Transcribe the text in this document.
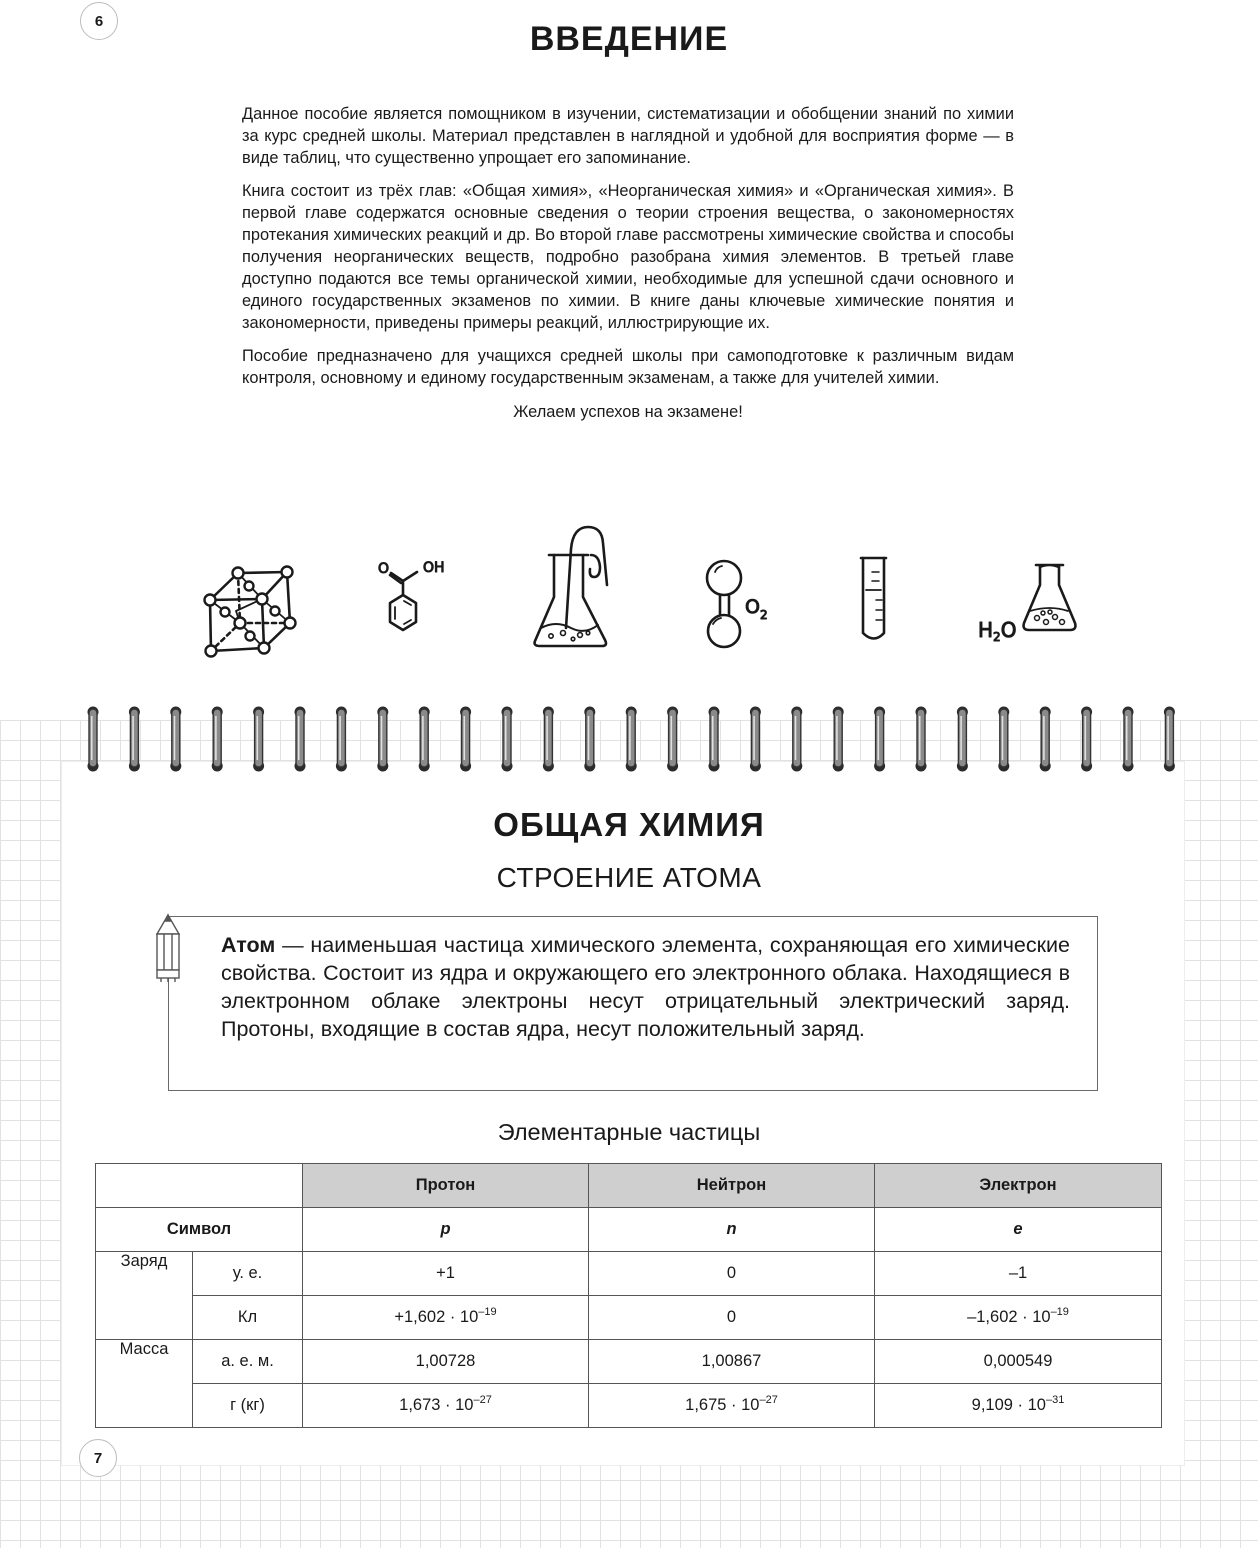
6	ВВЕДЕНИЕ

Данное пособие является помощником в изучении, систематизации и обобщении знаний по химии за курс средней школы. Материал представлен в наглядной и удобной для восприятия форме — в виде таблиц, что существенно упрощает его запоминание.

Книга состоит из трёх глав: «Общая химия», «Неорганическая химия» и «Органическая химия». В первой главе содержатся основные сведения о теории строения вещества, о закономерностях протекания химических реакций и др. Во второй главе рассмотрены химические свойства и способы получения неорганических веществ, подробно разобрана химия элементов. В третьей главе доступно подаются все темы органической химии, необходимые для успешной сдачи основного и единого государственных экзаменов по химии. В книге даны ключевые химические понятия и закономерности, приведены примеры реакций, иллюстрирующие их.

Пособие предназначено для учащихся средней школы при самоподготовке к различным видам контроля, основному и единому государственным экзаменам, а также для учителей химии.

Желаем успехов на экзамене!

O OH
$O_2$
$H_2O$
ОБЩАЯ ХИМИЯ
СТРОЕНИЕ АТОМА

Атом — наименьшая частица химического элемента, сохраняющая его химические свойства. Состоит из ядра и окружающего его электронного облака. Находящиеся в электронном облаке электроны несут отрицательный электрический заряд. Протоны, входящие в состав ядра, несут положительный заряд.

Элементарные частицы
		Протон	Нейтрон	Электрон
Символ		p	n	e
Заряд	у. е.	+1	0	–1
	Кл	$+1,602 \cdot 10^{-19}$	0	$-1,602 \cdot 10^{-19}$
Масса	а. е. м.	1,00728	1,00867	0,000549
	г (кг)	$1,673 \cdot 10^{-27}$	$1,675 \cdot 10^{-27}$	$9,109 \cdot 10^{-31}$
7
